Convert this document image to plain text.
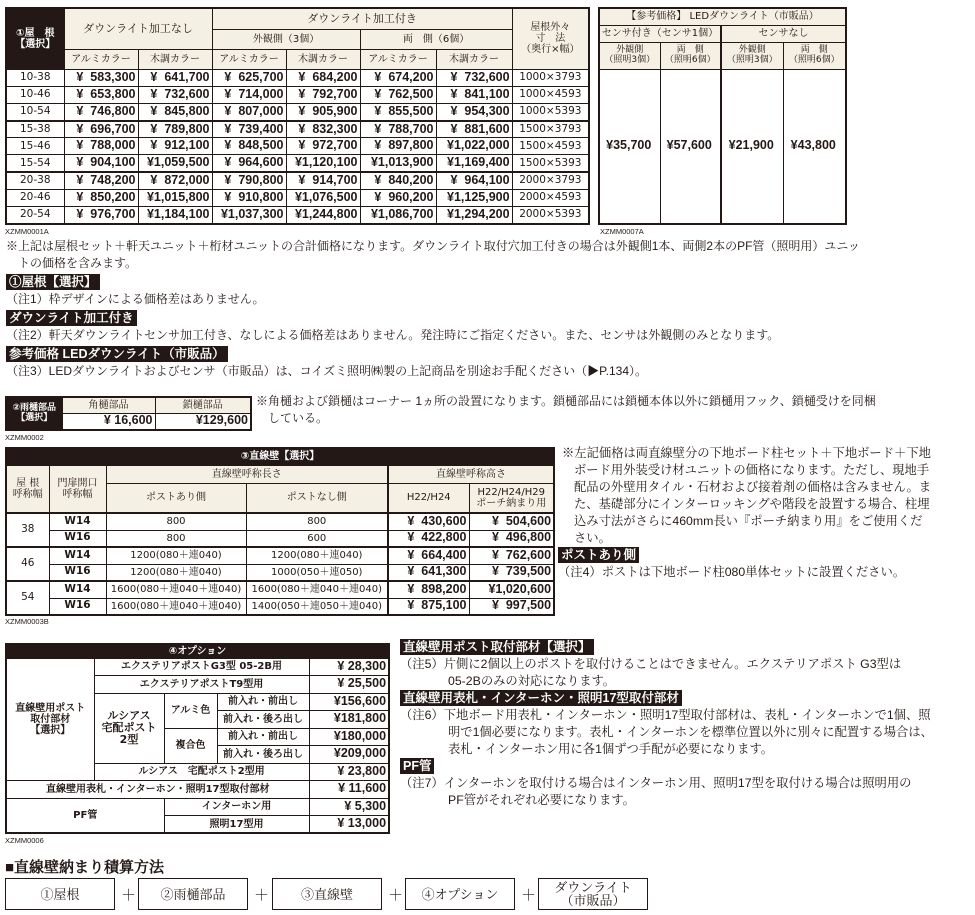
①屋　根
【選択】	ダウンライト加工なし		ダウンライト加工付き				屋根外々
寸　法
（奥行×幅）
			外観側（3個）		両　側（6個）		
	アルミカラー	木調カラー	アルミカラー	木調カラー	アルミカラー	木調カラー	
10-38	¥  583,300	¥  641,700	¥  625,700	¥  684,200	¥  674,200	¥  732,600	1000×3793
10-46	¥  653,800	¥  732,600	¥  714,000	¥  792,700	¥  762,500	¥  841,100	1000×4593
10-54	¥  746,800	¥  845,800	¥  807,000	¥  905,900	¥  855,500	¥  954,300	1000×5393
15-38	¥  696,700	¥  789,800	¥  739,400	¥  832,300	¥  788,700	¥  881,600	1500×3793
15-46	¥  788,000	¥  912,100	¥  848,500	¥  972,700	¥  897,800	¥1,022,000	1500×4593
15-54	¥  904,100	¥1,059,500	¥  964,600	¥1,120,100	¥1,013,900	¥1,169,400	1500×5393
20-38	¥  748,200	¥  872,000	¥  790,800	¥  914,700	¥  840,200	¥  964,100	2000×3793
20-46	¥  850,200	¥1,015,800	¥  910,800	¥1,076,500	¥  960,200	¥1,125,900	2000×4593
20-54	¥  976,700	¥1,184,100	¥1,037,300	¥1,244,800	¥1,086,700	¥1,294,200	2000×5393
XZMM0001A
【参考価格】 LEDダウンライト（市販品）			
センサ付き（センサ1個）		センサなし	
外観側
（照明3個）	両　側
（照明6個）	外観側
（照明3個）	両　側
（照明6個）
¥35,700	¥57,600	¥21,900	¥43,800
XZMM0007A
※上記は屋根セット＋軒天ユニット＋桁材ユニットの合計価格になります。ダウンライト取付穴加工付きの場合は外観側1本、両側2本のPF管（照明用）ユニッ
トの価格を含みます。
①屋根【選択】
（注1）枠デザインによる価格差はありません。
ダウンライト加工付き
（注2）軒天ダウンライトセンサ加工付き、なしによる価格差はありません。発注時にご指定ください。また、センサは外観側のみとなります。
参考価格 LEDダウンライト（市販品）
（注3）LEDダウンライトおよびセンサ（市販品）は、コイズミ照明㈱製の上記商品を別途お手配ください（▶P.134）。
②雨樋部品
【選択】	角樋部品	鎖樋部品
	¥ 16,600	¥129,600
XZMM0002
※角樋および鎖樋はコーナー 1ヵ所の設置になります。鎖樋部品には鎖樋本体以外に鎖樋用フック、鎖樋受けを同梱
している。
③直線壁【選択】					
屋 根
呼称幅	門扉開口
呼称幅	直線壁呼称長さ		直線壁呼称高さ	
		ポストあり側	ポストなし側	H22/H24	H22/H24/H29
ポーチ納まり用
38	W14	800	800	¥  430,600	¥  504,600
	W16	800	600	¥  422,800	¥  496,800
46	W14	1200(080＋連040)	1200(080＋連040)	¥  664,400	¥  762,600
	W16	1200(080＋連040)	1000(050＋連050)	¥  641,300	¥  739,500
54	W14	1600(080＋連040＋連040)	1600(080＋連040＋連040)	¥  898,200	¥1,020,600
	W16	1600(080＋連040＋連040)	1400(050＋連050＋連040)	¥  875,100	¥  997,500
XZMM0003B
※左記価格は両直線壁分の下地ボード柱セット＋下地ボード＋下地
ボード用外装受け材ユニットの価格になります。ただし、現地手
配品の外壁用タイル・石材および接着剤の価格は含みません。ま
た、基礎部分にインターロッキングや階段を設置する場合、柱埋
込み寸法がさらに460mm長い『ポーチ納まり用』をご使用くだ
さい。
ポストあり側
（注4）ポストは下地ボード柱080単体セットに設置ください。
④オプション				
直線壁用ポスト
取付部材
【選択】	エクステリアポストG3型 05-2B用			¥ 28,300
	エクステリアポストT9型用			¥ 25,500
	ルシアス
宅配ポスト
2型	アルミ色	前入れ・前出し	¥156,600
			前入れ・後ろ出し	¥181,800
		複合色	前入れ・前出し	¥180,000
			前入れ・後ろ出し	¥209,000
	ルシアス　宅配ポスト2型用			¥ 23,800
直線壁用表札・インターホン・照明17型取付部材				¥ 11,600
PF管		インターホン用		¥ 5,300
		照明17型用		¥ 13,000
XZMM0006
直線壁用ポスト取付部材【選択】
（注5）片側に2個以上のポストを取付けることはできません。エクステリアポスト G3型は
05-2Bのみの対応になります。
直線壁用表札・インターホン・照明17型取付部材
（注6）下地ボード用表札・インターホン・照明17型取付部材は、表札・インターホンで1個、照
明で1個必要になります。表札・インターホンを標準位置以外に別々に配置する場合は、
表札・インターホン用に各1個ずつ手配が必要になります。
PF管
（注7）インターホンを取付ける場合はインターホン用、照明17型を取付ける場合は照明用の
PF管がそれぞれ必要になります。
■直線壁納まり積算方法
①屋根	＋	②雨樋部品	＋	③直線壁	＋	④オプション	＋ ダウンライト
（市販品）
